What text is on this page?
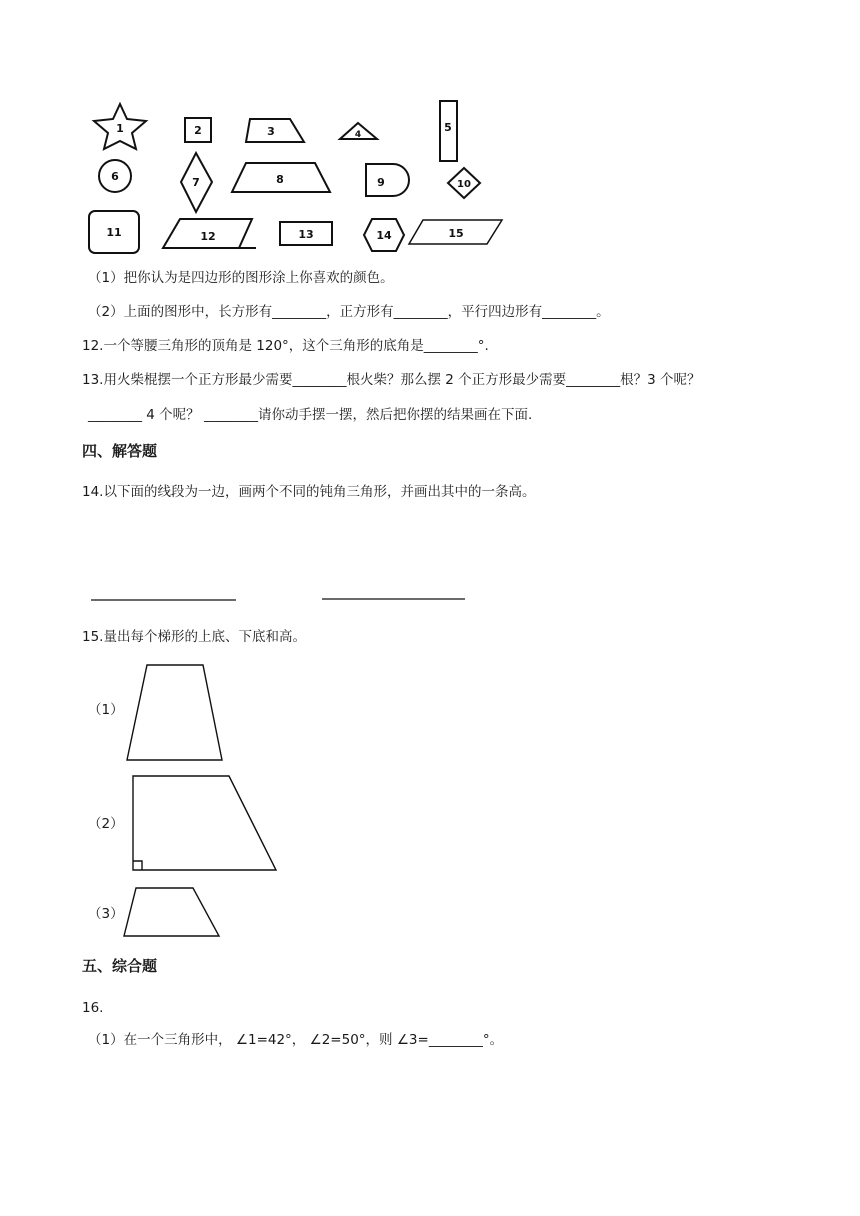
1	2	3	4
5
6	7	8	9	10
11	12	13	14	15
（1）把你认为是四边形的图形涂上你喜欢的颜色。
（2）上面的图形中，长方形有________，正方形有________，平行四边形有________。
12.一个等腰三角形的顶角是 120°，这个三角形的底角是________°.
13.用火柴棍摆一个正方形最少需要________根火柴？那么摆 2 个正方形最少需要________根？3 个呢？
________ 4 个呢？ ________请你动手摆一摆，然后把你摆的结果画在下面.
四、解答题
14.以下面的线段为一边，画两个不同的钝角三角形，并画出其中的一条高。
15.量出每个梯形的上底、下底和高。
（1）
（2）
（3）
五、综合题
16.
（1）在一个三角形中， ∠1=42°， ∠2=50°，则 ∠3=________°。
